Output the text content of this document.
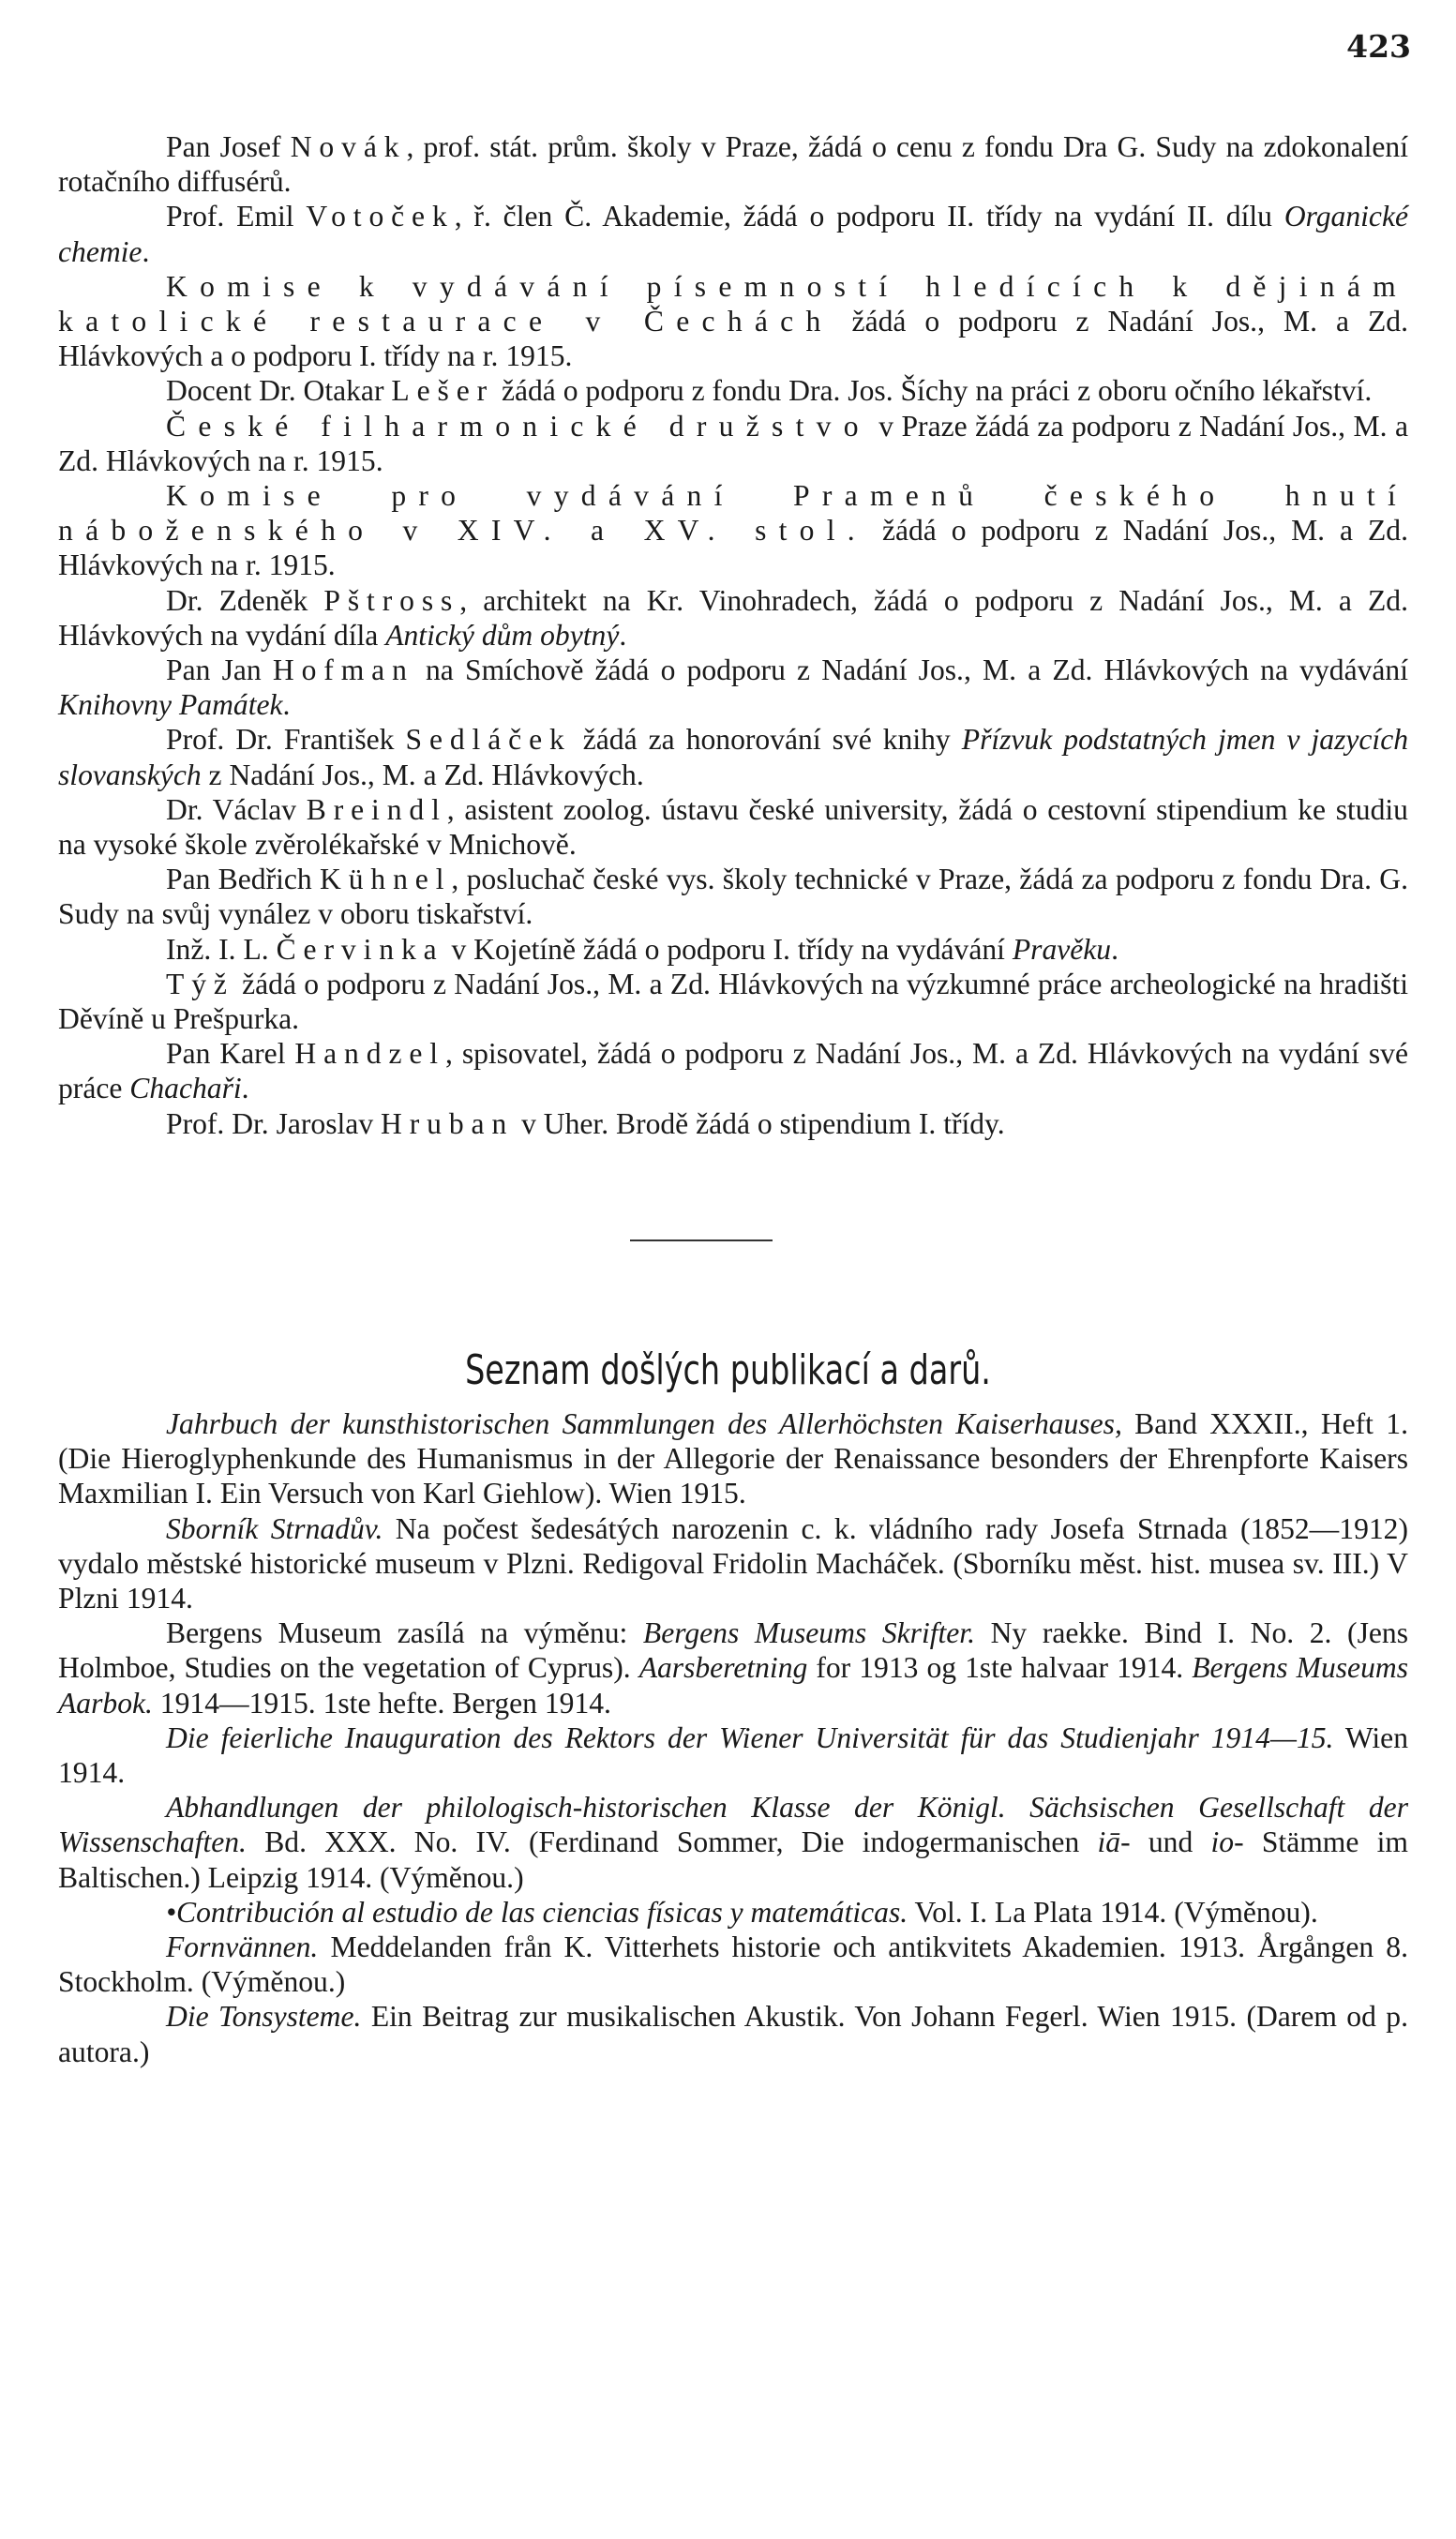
423

Pan Josef Novák, prof. stát. prům. školy v Praze, žádá o cenu z fondu Dra G. Sudy na zdokonalení rotačního diffusérů.

Prof. Emil Votoček, ř. člen Č. Akademie, žádá o podporu II. třídy na vydání II. dílu Organické chemie.

Komise k vydávání písemností hledících k dějinám katolické restaurace v Čechách žádá o podporu z Nadání Jos., M. a Zd. Hlávkových a o podporu I. třídy na r. 1915.

Docent Dr. Otakar Lešer žádá o podporu z fondu Dra. Jos. Šíchy na práci z oboru očního lékařství.

České filharmonické družstvo v Praze žádá za podporu z Nadání Jos., M. a Zd. Hlávkových na r. 1915.

Komise pro vydávání Pramenů českého hnutí náboženského v XIV. a XV. stol. žádá o podporu z Nadání Jos., M. a Zd. Hlávkových na r. 1915.

Dr. Zdeněk Pštross, architekt na Kr. Vinohradech, žádá o podporu z Nadání Jos., M. a Zd. Hlávkových na vydání díla Antický dům obytný.

Pan Jan Hofman na Smíchově žádá o podporu z Nadání Jos., M. a Zd. Hlávkových na vydávání Knihovny Památek.

Prof. Dr. František Sedláček žádá za honorování své knihy Přízvuk podstatných jmen v jazycích slovanských z Nadání Jos., M. a Zd. Hlávkových.

Dr. Václav Breindl, asistent zoolog. ústavu české university, žádá o cestovní stipendium ke studiu na vysoké škole zvěrolékařské v Mnichově.

Pan Bedřich Kühnel, posluchač české vys. školy technické v Praze, žádá za podporu z fondu Dra. G. Sudy na svůj vynález v oboru tiskařství.

Inž. I. L. Červinka v Kojetíně žádá o podporu I. třídy na vydávání Pravěku.

Týž žádá o podporu z Nadání Jos., M. a Zd. Hlávkových na výzkumné práce archeologické na hradišti Děvíně u Prešpurka.

Pan Karel Handzel, spisovatel, žádá o podporu z Nadání Jos., M. a Zd. Hlávkových na vydání své práce Chachaři.

Prof. Dr. Jaroslav Hruban v Uher. Brodě žádá o stipendium I. třídy.

Seznam došlých publikací a darů.

Jahrbuch der kunsthistorischen Sammlungen des Allerhöchsten Kaiserhauses, Band XXXII., Heft 1. (Die Hieroglyphenkunde des Humanismus in der Allegorie der Renaissance besonders der Ehrenpforte Kaisers Maxmilian I. Ein Versuch von Karl Giehlow). Wien 1915.

Sborník Strnadův. Na počest šedesátých narozenin c. k. vládního rady Josefa Strnada (1852—1912) vydalo městské historické museum v Plzni. Redigoval Fridolin Macháček. (Sborníku měst. hist. musea sv. III.) V Plzni 1914.

Bergens Museum zasílá na výměnu: Bergens Museums Skrifter. Ny raekke. Bind I. No. 2. (Jens Holmboe, Studies on the vegetation of Cyprus). Aarsberetning for 1913 og 1ste halvaar 1914. Bergens Museums Aarbok. 1914—1915. 1ste hefte. Bergen 1914.

Die feierliche Inauguration des Rektors der Wiener Universität für das Studienjahr 1914—15. Wien 1914.

Abhandlungen der philologisch-historischen Klasse der Königl. Sächsischen Gesellschaft der Wissenschaften. Bd. XXX. No. IV. (Ferdinand Sommer, Die indogermanischen iā- und io- Stämme im Baltischen.) Leipzig 1914. (Výměnou.)

•Contribución al estudio de las ciencias físicas y matemáticas. Vol. I. La Plata 1914. (Výměnou).

Fornvännen. Meddelanden från K. Vitterhets historie och antikvitets Akademien. 1913. Årgången 8. Stockholm. (Výměnou.)

Die Tonsysteme. Ein Beitrag zur musikalischen Akustik. Von Johann Fegerl. Wien 1915. (Darem od p. autora.)
